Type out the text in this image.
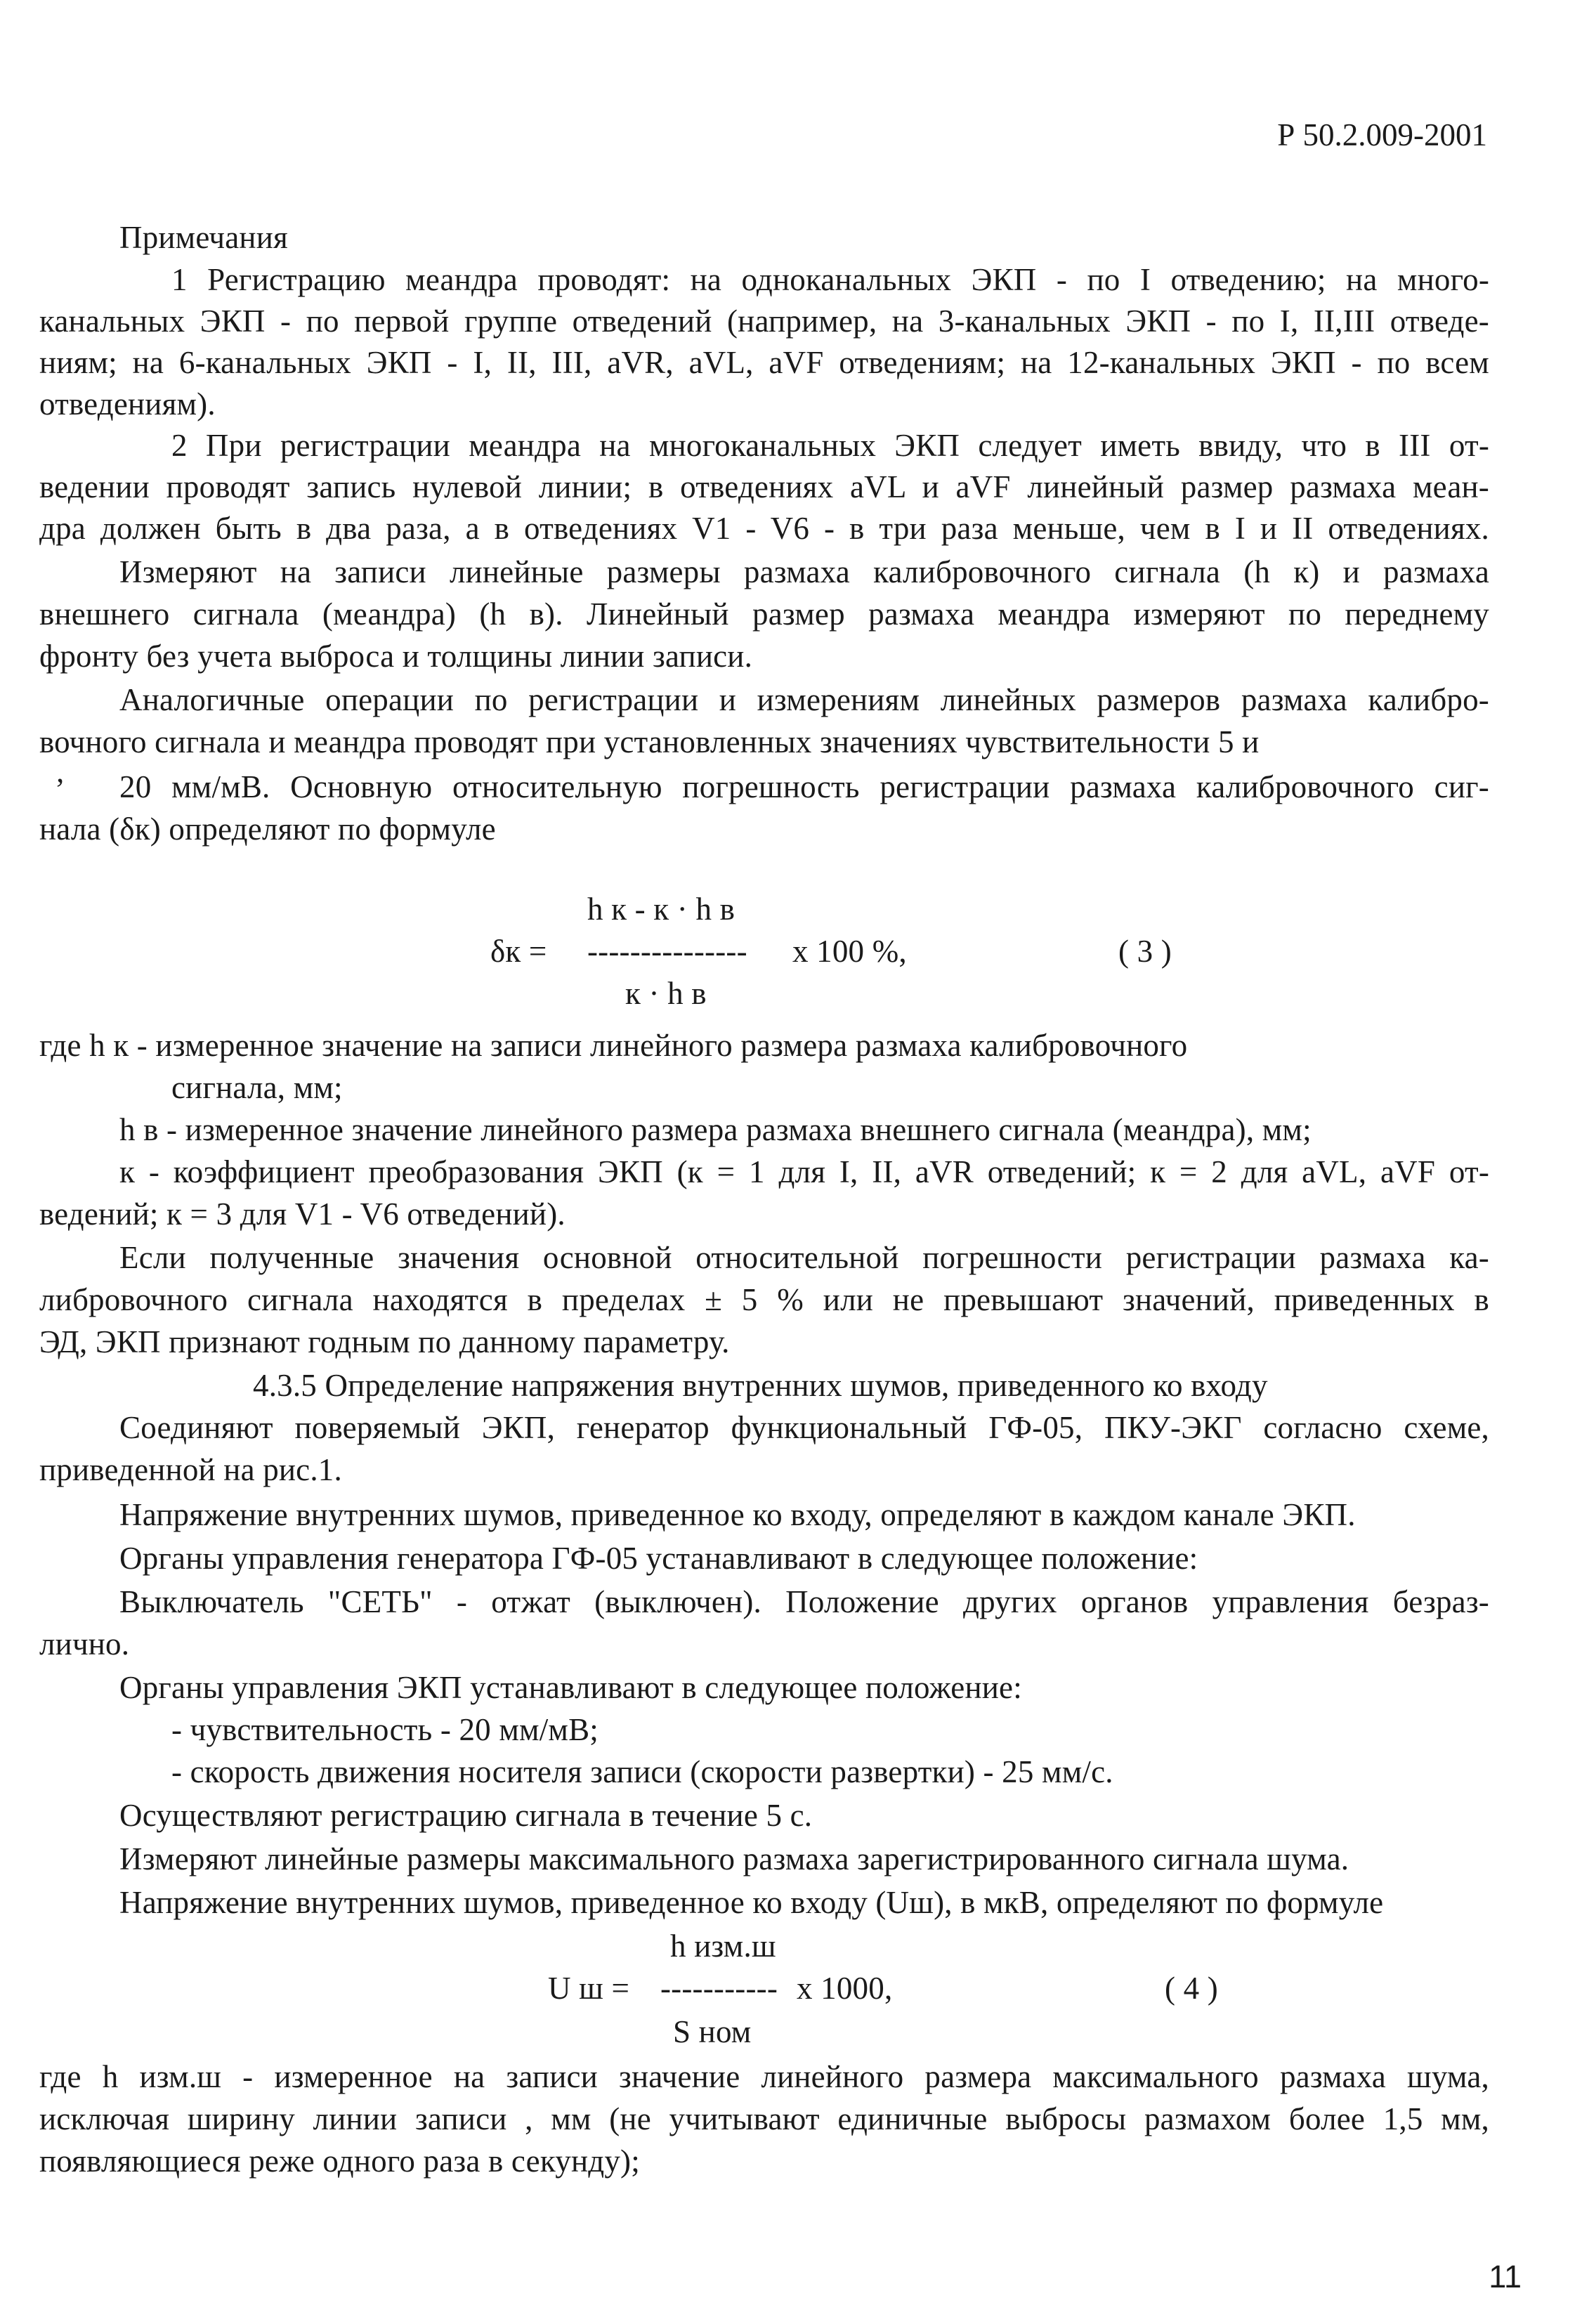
Р 50.2.009-2001
Примечания
1 Регистрацию меандра проводят: на одноканальных ЭКП - по I отведению; на много-
канальных ЭКП - по первой группе отведений (например, на 3-канальных ЭКП - по I, II,III отведе-
ниям; на 6-канальных ЭКП - I, II, III, aVR, aVL, aVF отведениям; на 12-канальных ЭКП - по всем
отведениям).
2 При регистрации меандра на многоканальных ЭКП следует иметь ввиду, что в III от-
ведении проводят запись нулевой линии; в отведениях aVL и aVF линейный размер размаха меан-
дра должен быть в два раза, а в отведениях V1 - V6 - в три раза меньше, чем в I и II отведениях.
Измеряют на записи линейные размеры размаха калибровочного сигнала (h к) и размаха
внешнего сигнала (меандра) (h в). Линейный размер размаха меандра измеряют по переднему
фронту без учета выброса и толщины линии записи.
Аналогичные операции по регистрации и измерениям линейных размеров размаха калибро-
вочного сигнала и меандра проводят при установленных значениях чувствительности 5 и
ʼ 20 мм/мВ. Основную относительную погрешность регистрации размаха калибровочного сиг-
нала (δк) определяют по формуле
h к - к · h в
δк = --------------- х 100 %,	( 3 )
к · h в
где h к - измеренное значение на записи линейного размера размаха калибровочного
сигнала, мм;
h в - измеренное значение линейного размера размаха внешнего сигнала (меандра), мм;
к - коэффициент преобразования ЭКП (к = 1 для I, II, aVR отведений; к = 2 для aVL, aVF от-
ведений; к = 3 для V1 - V6 отведений).
Если полученные значения основной относительной погрешности регистрации размаха ка-
либровочного сигнала находятся в пределах ± 5 % или не превышают значений, приведенных в
ЭД, ЭКП признают годным по данному параметру.
4.3.5 Определение напряжения внутренних шумов, приведенного ко входу
Соединяют поверяемый ЭКП, генератор функциональный ГФ-05, ПКУ-ЭКГ согласно схеме,
приведенной на рис.1.
Напряжение внутренних шумов, приведенное ко входу, определяют в каждом канале ЭКП.
Органы управления генератора ГФ-05 устанавливают в следующее положение:
Выключатель "СЕТЬ" - отжат (выключен). Положение других органов управления безраз-
лично.
Органы управления ЭКП устанавливают в следующее положение:
- чувствительность - 20 мм/мВ;
- скорость движения носителя записи (скорости развертки) - 25 мм/с.
Осуществляют регистрацию сигнала в течение 5 с.
Измеряют линейные размеры максимального размаха зарегистрированного сигнала шума.
Напряжение внутренних шумов, приведенное ко входу (Uш), в мкВ, определяют по формуле
h изм.ш
U ш = ----------- х 1000,	( 4 )
S ном
где h изм.ш - измеренное на записи значение линейного размера максимального размаха шума,
исключая ширину линии записи , мм (не учитывают единичные выбросы размахом более 1,5 мм,
появляющиеся реже одного раза в секунду);
11
